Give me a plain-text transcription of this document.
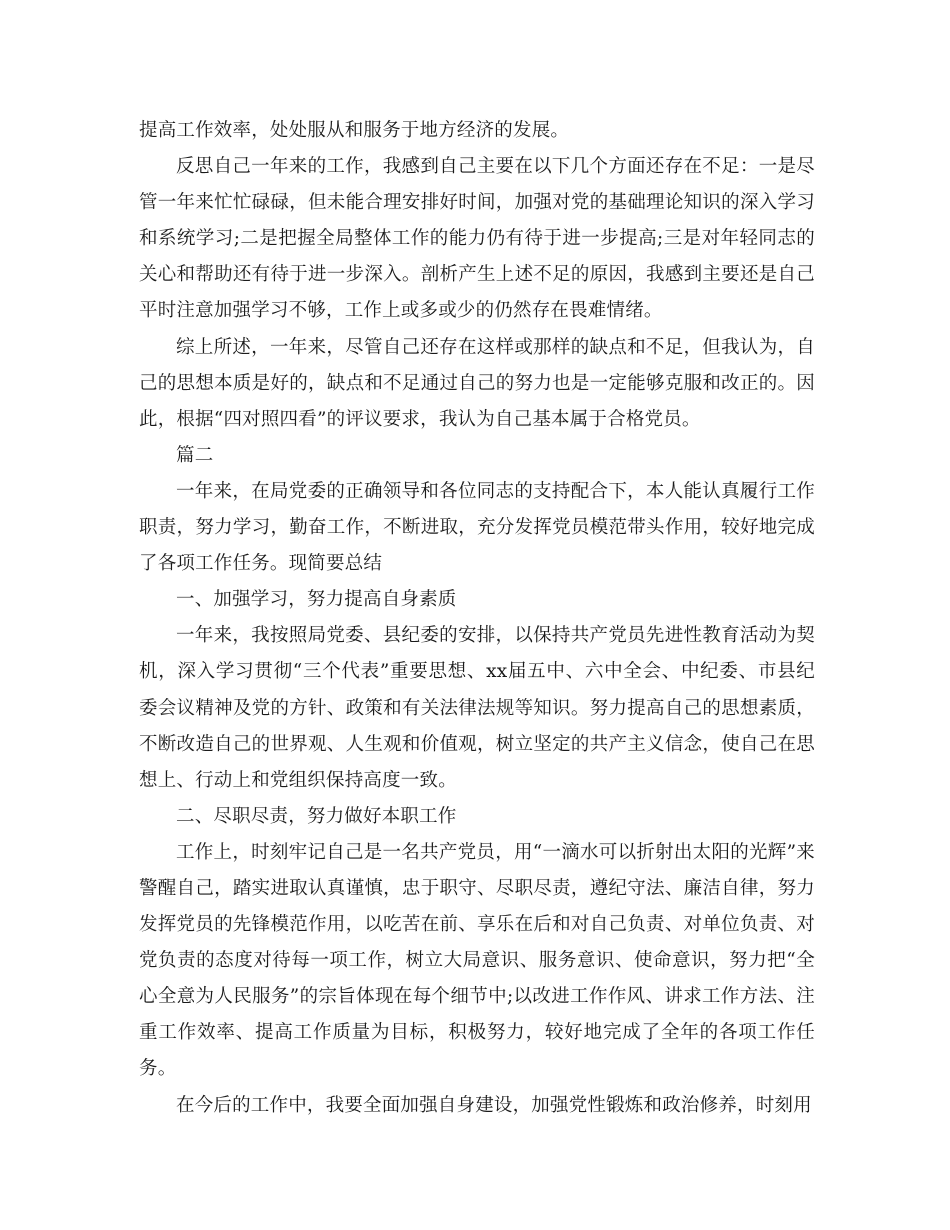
提高工作效率，处处服从和服务于地方经济的发展。

反思自己一年来的工作，我感到自己主要在以下几个方面还存在不足：一是尽管一年来忙忙碌碌，但未能合理安排好时间，加强对党的基础理论知识的深入学习和系统学习;二是把握全局整体工作的能力仍有待于进一步提高;三是对年轻同志的关心和帮助还有待于进一步深入。剖析产生上述不足的原因，我感到主要还是自己平时注意加强学习不够，工作上或多或少的仍然存在畏难情绪。

综上所述，一年来，尽管自己还存在这样或那样的缺点和不足，但我认为，自己的思想本质是好的，缺点和不足通过自己的努力也是一定能够克服和改正的。因此，根据“四对照四看”的评议要求，我认为自己基本属于合格党员。

篇二

一年来，在局党委的正确领导和各位同志的支持配合下，本人能认真履行工作职责，努力学习，勤奋工作，不断进取，充分发挥党员模范带头作用，较好地完成了各项工作任务。现简要总结

一、加强学习，努力提高自身素质

一年来，我按照局党委、县纪委的安排，以保持共产党员先进性教育活动为契机，深入学习贯彻“三个代表”重要思想、xx届五中、六中全会、中纪委、市县纪委会议精神及党的方针、政策和有关法律法规等知识。努力提高自己的思想素质，不断改造自己的世界观、人生观和价值观，树立坚定的共产主义信念，使自己在思想上、行动上和党组织保持高度一致。

二、尽职尽责，努力做好本职工作

工作上，时刻牢记自己是一名共产党员，用“一滴水可以折射出太阳的光辉”来警醒自己，踏实进取认真谨慎，忠于职守、尽职尽责，遵纪守法、廉洁自律，努力发挥党员的先锋模范作用，以吃苦在前、享乐在后和对自己负责、对单位负责、对党负责的态度对待每一项工作，树立大局意识、服务意识、使命意识，努力把“全心全意为人民服务”的宗旨体现在每个细节中;以改进工作作风、讲求工作方法、注重工作效率、提高工作质量为目标，积极努力，较好地完成了全年的各项工作任务。

在今后的工作中，我要全面加强自身建设，加强党性锻炼和政治修养，时刻用
